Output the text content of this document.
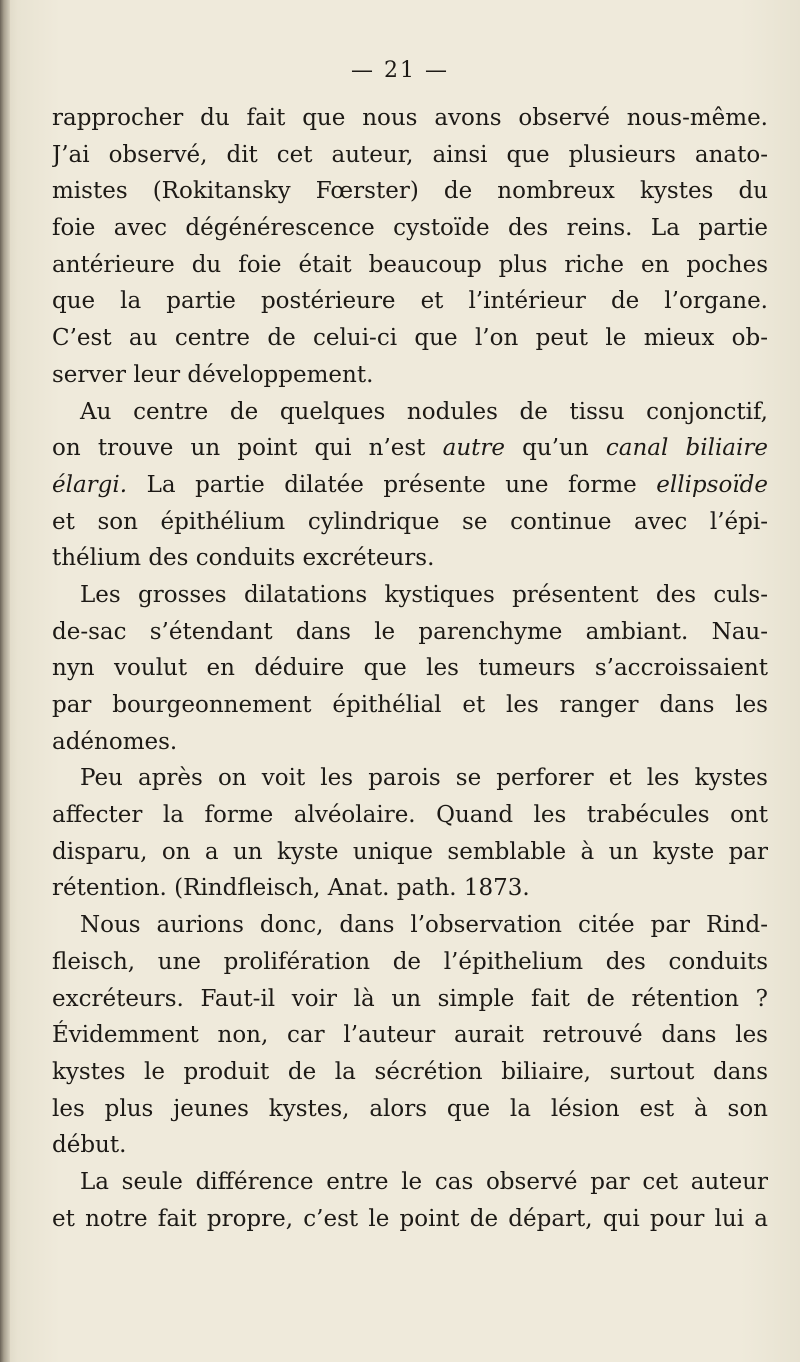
— 21 —
rapprocher du fait que nous avons observé nous-même.
J’ai observé, dit cet auteur, ainsi que plusieurs anato-
mistes (Rokitansky Fœrster) de nombreux kystes du
foie avec dégénérescence cystoïde des reins. La partie
antérieure du foie était beaucoup plus riche en poches
que la partie postérieure et l’intérieur de l’organe.
C’est au centre de celui-ci que l’on peut le mieux ob-
server leur développement.
Au centre de quelques nodules de tissu conjonctif,
on trouve un point qui n’est autre qu’un canal biliaire
élargi. La partie dilatée présente une forme ellipsoïde
et son épithélium cylindrique se continue avec l’épi-
thélium des conduits excréteurs.
Les grosses dilatations kystiques présentent des culs-
de-sac s’étendant dans le parenchyme ambiant. Nau-
nyn voulut en déduire que les tumeurs s’accroissaient
par bourgeonnement épithélial et les ranger dans les
adénomes.
Peu après on voit les parois se perforer et les kystes
affecter la forme alvéolaire. Quand les trabécules ont
disparu, on a un kyste unique semblable à un kyste par
rétention. (Rindfleisch, Anat. path. 1873.
Nous aurions donc, dans l’observation citée par Rind-
fleisch, une prolifération de l’épithelium des conduits
excréteurs. Faut-il voir là un simple fait de rétention ?
Évidemment non, car l’auteur aurait retrouvé dans les
kystes le produit de la sécrétion biliaire, surtout dans
les plus jeunes kystes, alors que la lésion est à son
début.
La seule différence entre le cas observé par cet auteur
et notre fait propre, c’est le point de départ, qui pour lui a
